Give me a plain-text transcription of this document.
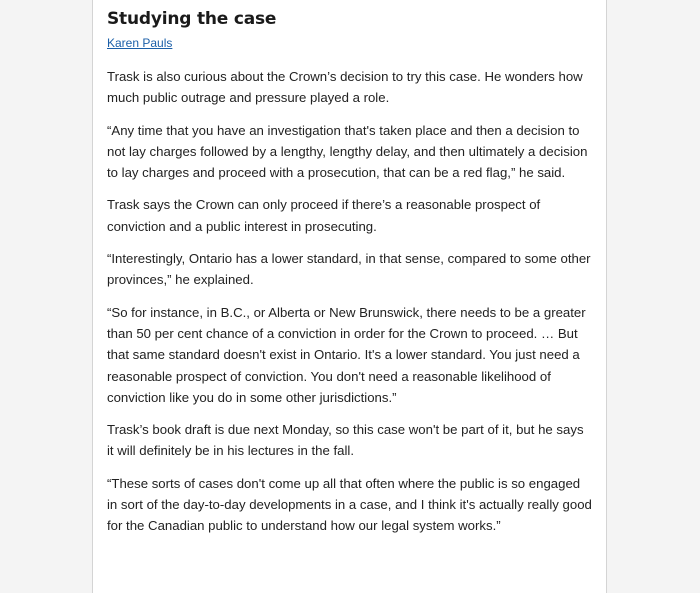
Studying the case
Karen Pauls

Trask is also curious about the Crown’s decision to try this case. He wonders how much public outrage and pressure played a role.

“Any time that you have an investigation that's taken place and then a decision to not lay charges followed by a lengthy, lengthy delay, and then ultimately a decision to lay charges and proceed with a prosecution, that can be a red flag,” he said.

Trask says the Crown can only proceed if there’s a reasonable prospect of conviction and a public interest in prosecuting.

“Interestingly, Ontario has a lower standard, in that sense, compared to some other provinces,” he explained.

“So for instance, in B.C., or Alberta or New Brunswick, there needs to be a greater than 50 per cent chance of a conviction in order for the Crown to proceed. … But that same standard doesn't exist in Ontario. It's a lower standard. You just need a reasonable prospect of conviction. You don't need a reasonable likelihood of conviction like you do in some other jurisdictions.”

Trask’s book draft is due next Monday, so this case won't be part of it, but he says it will definitely be in his lectures in the fall.

“These sorts of cases don't come up all that often where the public is so engaged in sort of the day-to-day developments in a case, and I think it's actually really good for the Canadian public to understand how our legal system works.”
